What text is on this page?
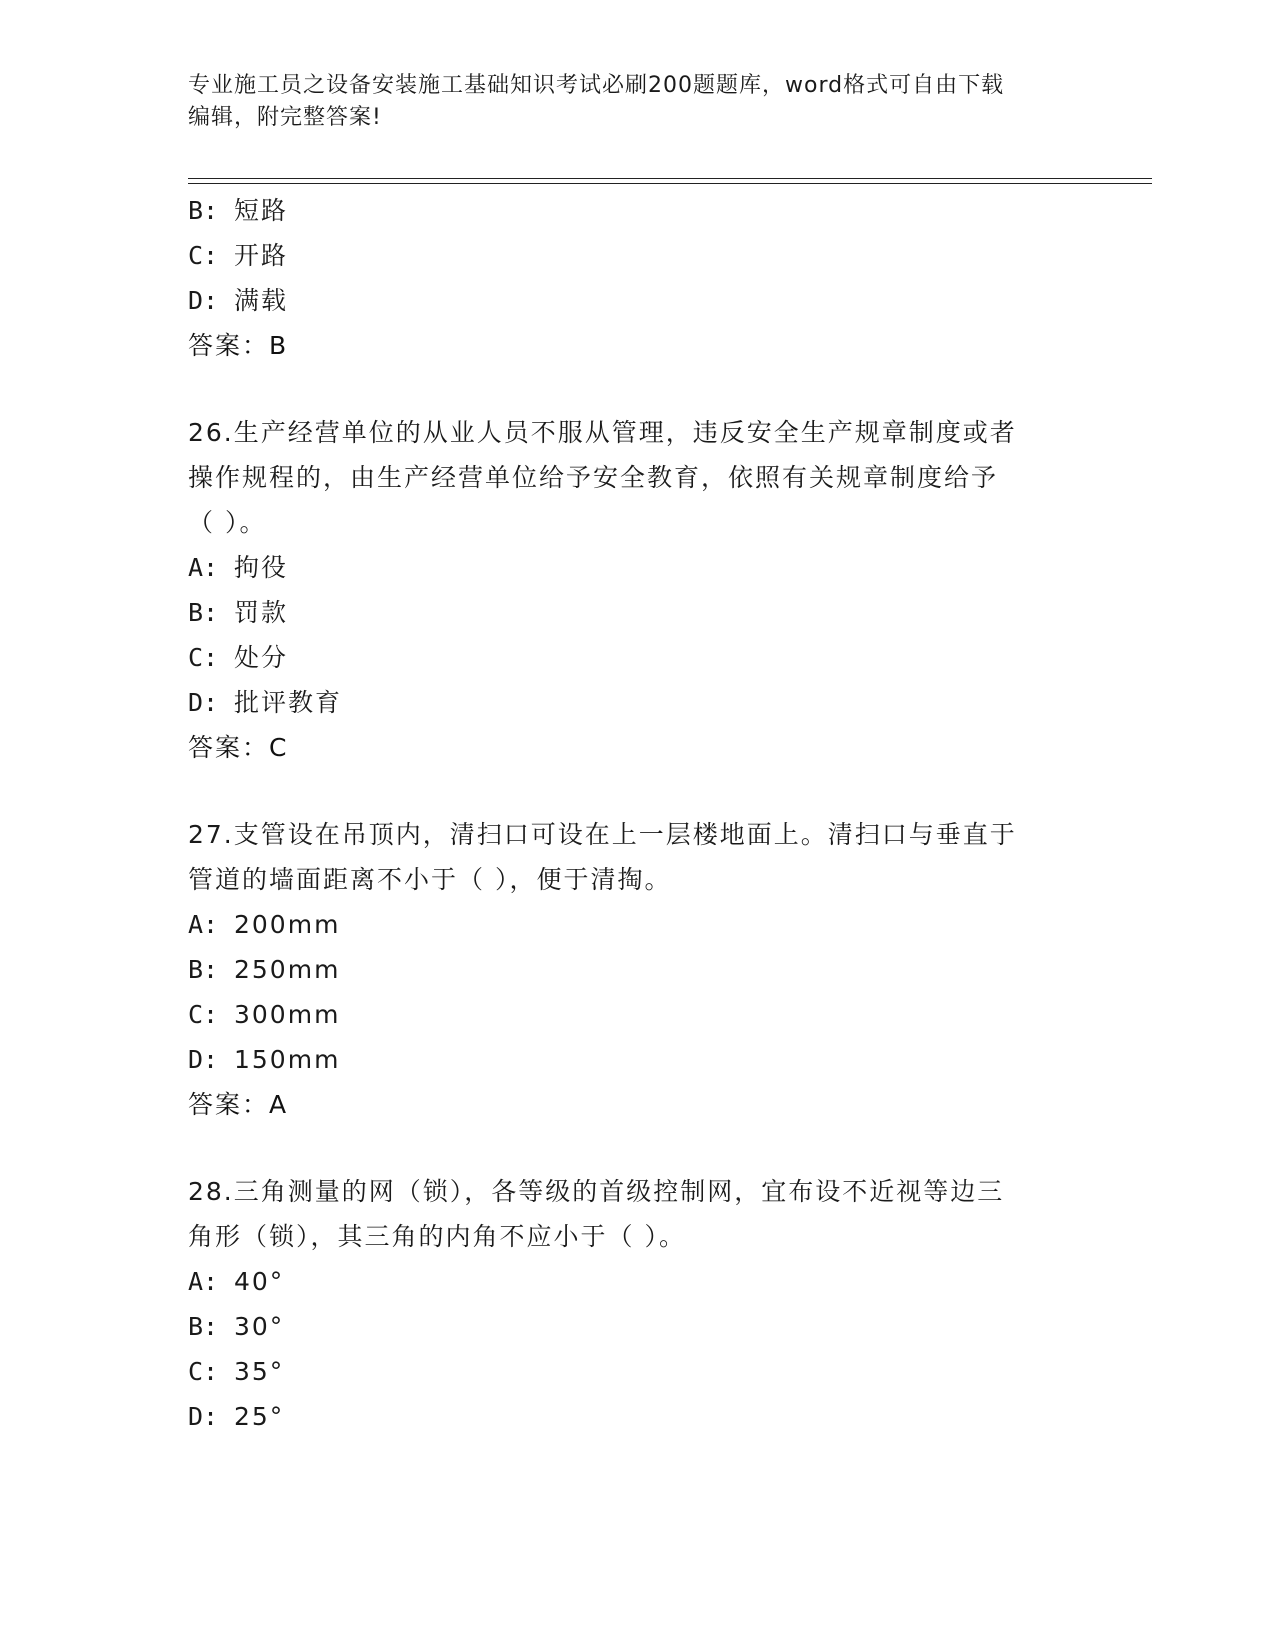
专业施工员之设备安装施工基础知识考试必刷200题题库，word格式可自由下载
编辑，附完整答案!
B: 短路
C: 开路
D: 满载
答案：B
26.生产经营单位的从业人员不服从管理，违反安全生产规章制度或者
操作规程的，由生产经营单位给予安全教育，依照有关规章制度给予
（ ）。
A: 拘役
B: 罚款
C: 处分
D: 批评教育
答案：C
27.支管设在吊顶内，清扫口可设在上一层楼地面上。清扫口与垂直于
管道的墙面距离不小于（ ），便于清掏。
A: 200mm
B: 250mm
C: 300mm
D: 150mm
答案：A
28.三角测量的网（锁），各等级的首级控制网，宜布设不近视等边三
角形（锁），其三角的内角不应小于（ ）。
A: 40°
B: 30°
C: 35°
D: 25°
